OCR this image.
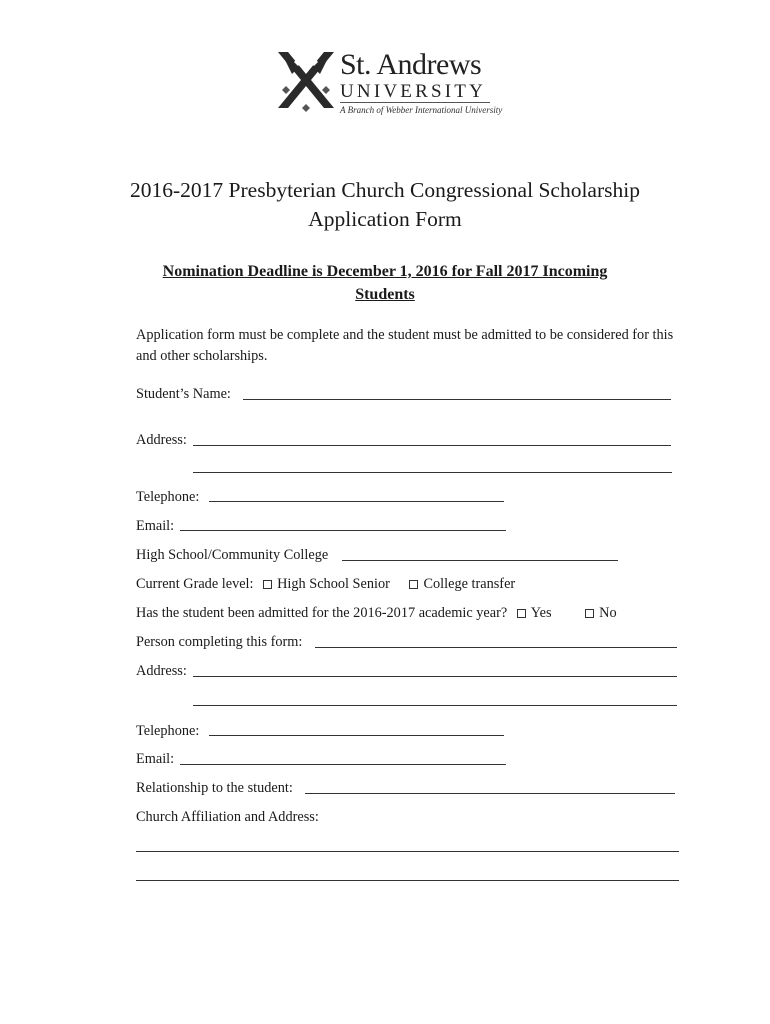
St. Andrews
UNIVERSITY
A Branch of Webber International University
2016-2017 Presbyterian Church Congressional Scholarship
Application Form
Nomination Deadline is December 1, 2016 for Fall 2017 Incoming
Students
Application form must be complete and the student must be admitted to be considered for this and other scholarships.
Student’s Name:
Address:
Telephone:
Email:
High School/Community College
Current Grade level: High School Senior College transfer
Has the student been admitted for the 2016-2017 academic year? Yes	No
Person completing this form:
Address:
Telephone:
Email:
Relationship to the student:
Church Affiliation and Address:
